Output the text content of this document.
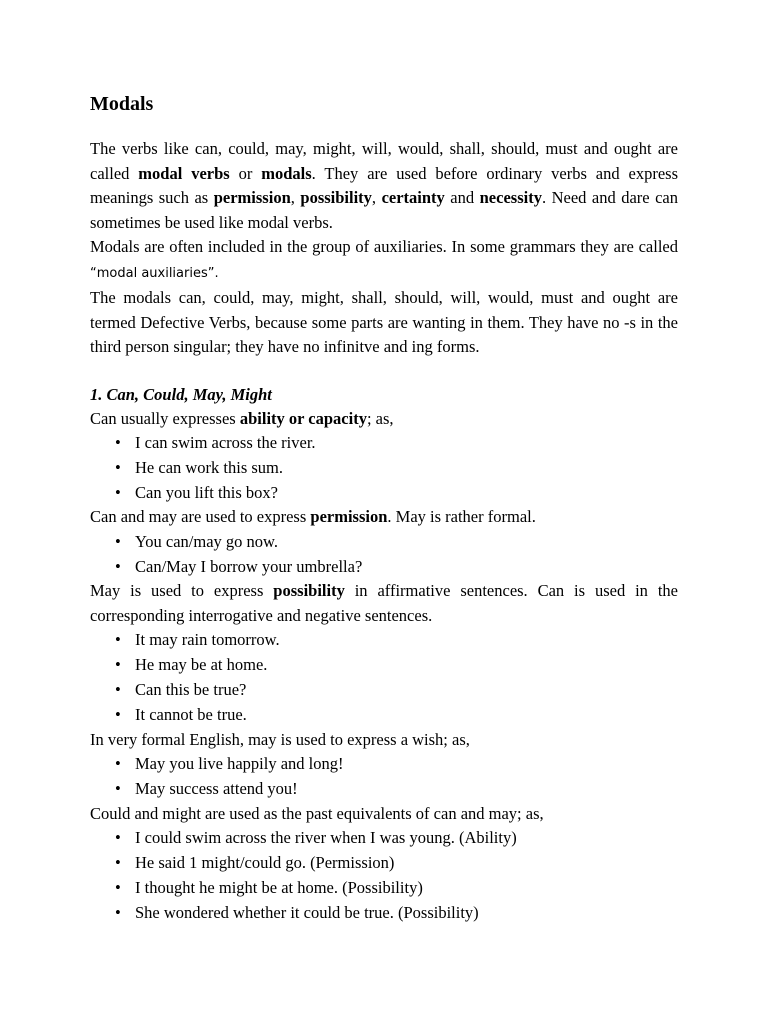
Modals

The verbs like can, could, may, might, will, would, shall, should, must and ought are called modal verbs or modals. They are used before ordinary verbs and express meanings such as permission, possibility, certainty and necessity. Need and dare can sometimes be used like modal verbs.

Modals are often included in the group of auxiliaries. In some grammars they are called “modal auxiliaries”.

The modals can, could, may, might, shall, should, will, would, must and ought are termed Defective Verbs, because some parts are wanting in them. They have no -s in the third person singular; they have no infinitve and ing forms.

1. Can, Could, May, Might

Can usually expresses ability or capacity; as,

• I can swim across the river.
• He can work this sum.
• Can you lift this box?

Can and may are used to express permission. May is rather formal.

• You can/may go now.
• Can/May I borrow your umbrella?

May is used to express possibility in affirmative sentences. Can is used in the corresponding interrogative and negative sentences.

• It may rain tomorrow.
• He may be at home.
• Can this be true?
• It cannot be true.

In very formal English, may is used to express a wish; as,

• May you live happily and long!
• May success attend you!

Could and might are used as the past equivalents of can and may; as,

• I could swim across the river when I was young. (Ability)
• He said 1 might/could go. (Permission)
• I thought he might be at home. (Possibility)
• She wondered whether it could be true. (Possibility)
